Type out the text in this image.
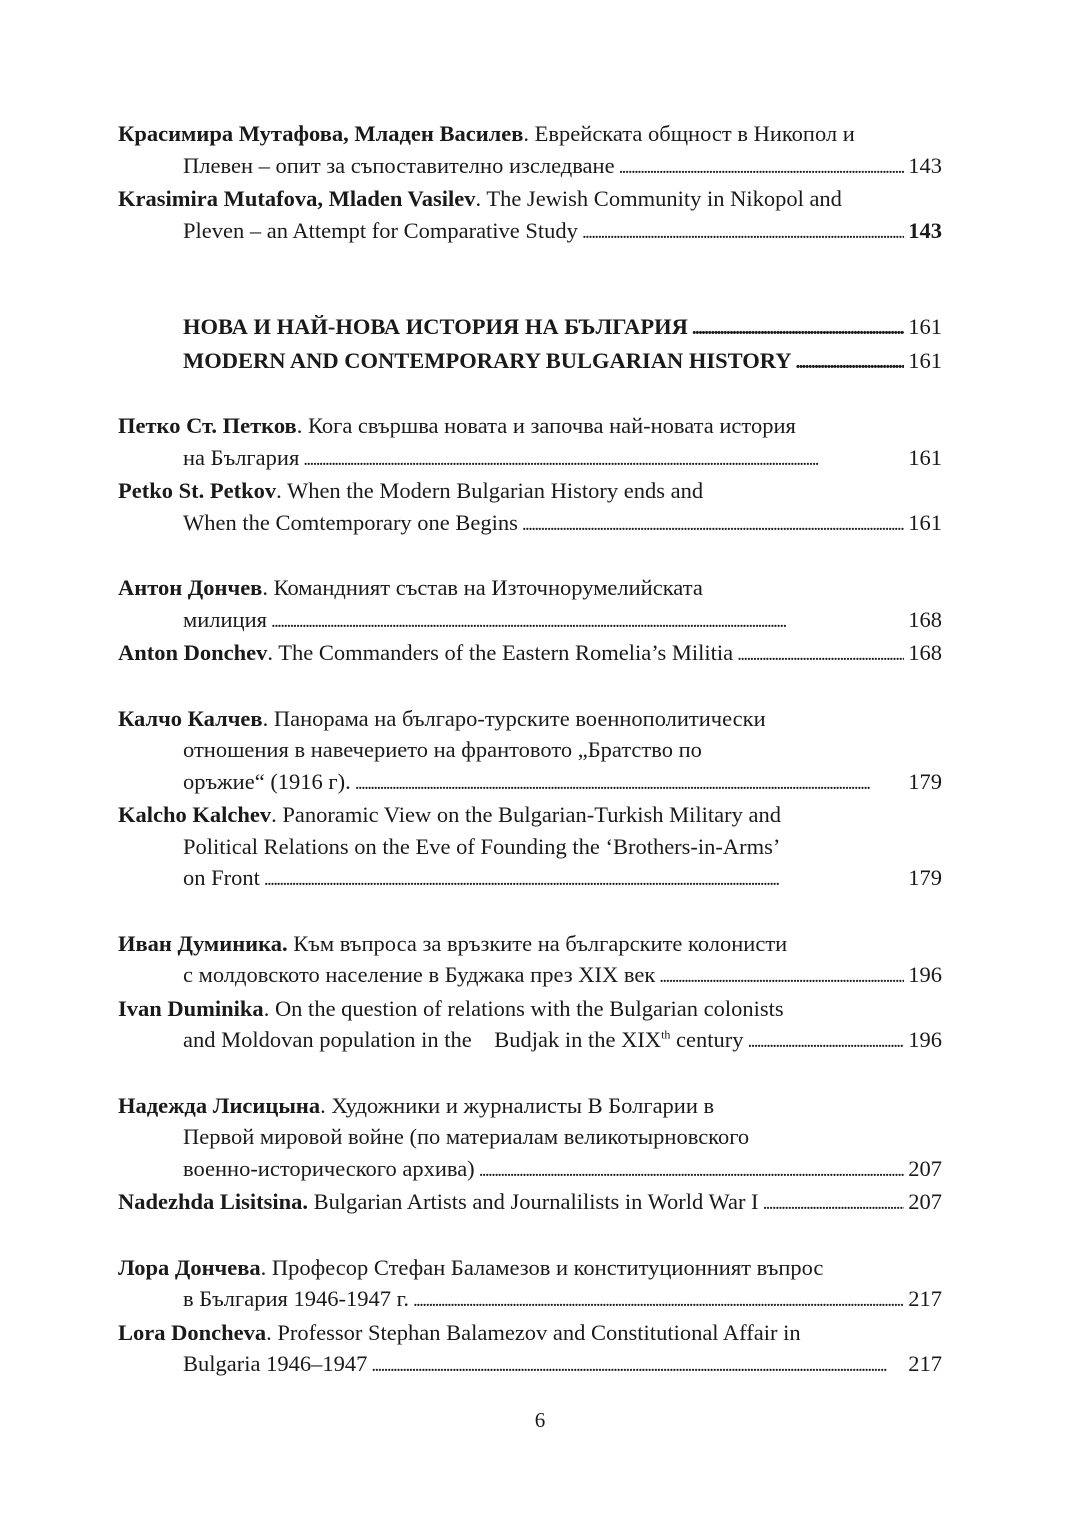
Красимира Мутафова, Младен Василев. Еврейската общност в Никопол и
Плевен – опит за съпоставително изследване . . .	143
Krasimira Mutafova, Mladen Vasilev. The Jewish Community in Nikopol and
Pleven – an Attempt for Comparative Study . . .	143
НОВА И НАЙ-НОВА ИСТОРИЯ НА БЪЛГАРИЯ . . .	161
MODERN AND CONTEMPORARY BULGARIAN HISTORY . . .	161
Петко Ст. Петков. Кога свършва новата и започва най-новата история
на България . . .	161
Petko St. Petkov. When the Modern Bulgarian History ends and
When the Comtemporary one Begins . . .	161
Антон Дончев. Командният състав на Източнорумелийската
милиция . . .	168
Anton Donchev. The Commanders of the Eastern Romelia’s Militia . . .	168
Калчо Калчев. Панорама на българо-турските военнополитически
отношения в навечерието на франтовото „Братство по
оръжие“ (1916 г). . . .	179
Kalcho Kalchev. Panoramic View on the Bulgarian-Turkish Military and
Political Relations on the Eve of Founding the ‘Brothers-in-Arms’
on Front . . .	179
Иван Думиника. Към въпроса за връзките на българските колонисти
с молдовското население в Буджака през XIX век . . .	196
Ivan Duminika. On the question of relations with the Bulgarian colonists
and Moldovan population in the    Budjak in the XIXth century . . .	196
Надежда Лисицына. Художники и журналисты В Болгарии в
Первой мировой войне (по материалам великотырновского
военно-исторического архива) . . .	207
Nadezhda Lisitsina. Bulgarian Artists and Journalilists in World War I . . .	207
Лора Дончева. Професор Стефан Баламезов и конституционният въпрос
в България 1946-1947 г. . . .	217
Lora Doncheva. Professor Stephan Balamezov and Constitutional Affair in
Bulgaria 1946–1947 . . .	217
6
